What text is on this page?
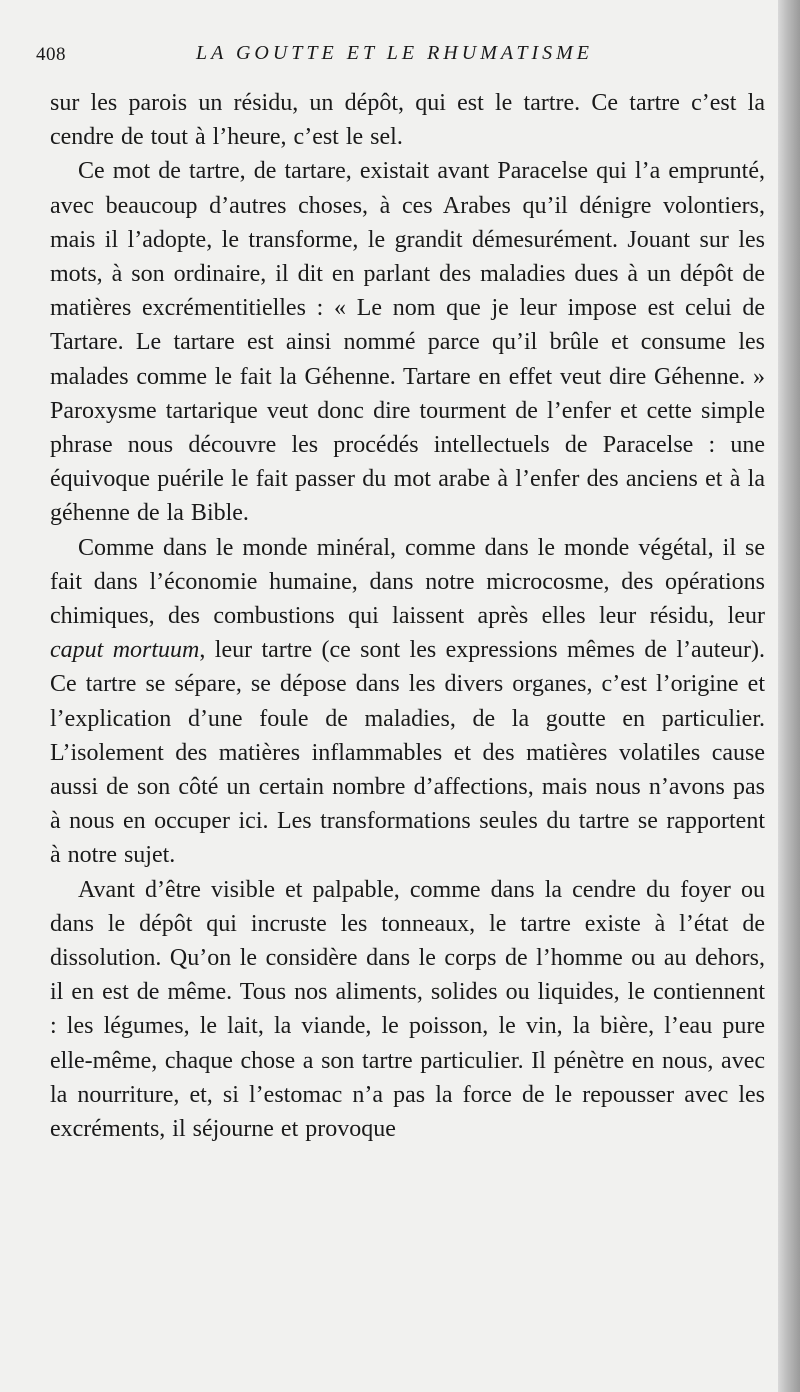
408	LA GOUTTE ET LE RHUMATISME

sur les parois un résidu, un dépôt, qui est le tartre. Ce tartre c’est la cendre de tout à l’heure, c’est le sel.

Ce mot de tartre, de tartare, existait avant Paracelse qui l’a emprunté, avec beaucoup d’autres choses, à ces Arabes qu’il dénigre volontiers, mais il l’adopte, le transforme, le grandit démesurément. Jouant sur les mots, à son ordinaire, il dit en parlant des maladies dues à un dépôt de matières excrémentitielles : « Le nom que je leur impose est celui de Tartare. Le tartare est ainsi nommé parce qu’il brûle et consume les malades comme le fait la Géhenne. Tartare en effet veut dire Géhenne. » Paroxysme tartarique veut donc dire tourment de l’enfer et cette simple phrase nous découvre les procédés intellectuels de Paracelse : une équivoque puérile le fait passer du mot arabe à l’enfer des anciens et à la géhenne de la Bible.

Comme dans le monde minéral, comme dans le monde végétal, il se fait dans l’économie humaine, dans notre microcosme, des opérations chimiques, des combustions qui laissent après elles leur résidu, leur caput mortuum, leur tartre (ce sont les expressions mêmes de l’auteur). Ce tartre se sépare, se dépose dans les divers organes, c’est l’origine et l’explication d’une foule de maladies, de la goutte en particulier. L’isolement des matières inflammables et des matières volatiles cause aussi de son côté un certain nombre d’affections, mais nous n’avons pas à nous en occuper ici. Les transformations seules du tartre se rapportent à notre sujet.

Avant d’être visible et palpable, comme dans la cendre du foyer ou dans le dépôt qui incruste les tonneaux, le tartre existe à l’état de dissolution. Qu’on le considère dans le corps de l’homme ou au dehors, il en est de même. Tous nos aliments, solides ou liquides, le contiennent : les légumes, le lait, la viande, le poisson, le vin, la bière, l’eau pure elle-même, chaque chose a son tartre particulier. Il pénètre en nous, avec la nourriture, et, si l’estomac n’a pas la force de le repousser avec les excréments, il séjourne et provoque
